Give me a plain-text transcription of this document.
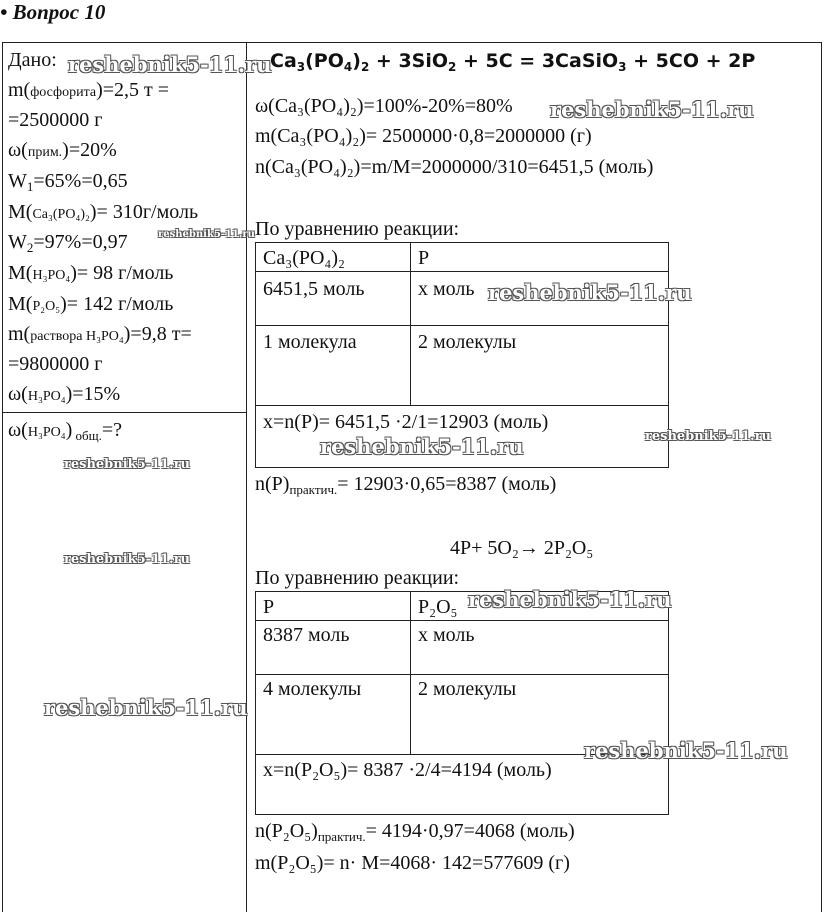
• Вопрос 10
Дано:
m(фосфорита)=2,5 т =
=2500000 г
ω(прим.)=20%
$W_1=65\%=0,65$
M(Ca₃(PO₄)₂)= 310г/моль
$W_2=97\%=0,97$
M(H₃PO₄)= 98 г/моль
M(P₂O₅)= 142 г/моль
m(раствора H₃PO₄)=9,8 т=
=9800000 г
ω(H₃PO₄)=15%
ω(H₃PO₄) $_{общ.}$=?
$Ca_3(PO_4)_2 + 3SiO_2 + 5C$ = 3CaSiO$_3$ + 5CO + 2P
ω(Ca₃(PO₄)₂)=100%-20%=80%
m(Ca₃(PO₄)₂)= 2500000·0,8=2000000 (г)
n(Ca₃(PO₄)₂)=m/M=2000000/310=6451,5 (моль)
По уравнению реакции:
Ca₃(PO₄)₂	P
6451,5 моль	x моль
1 молекула	2 молекулы
x=n(P)= 6451,5 ·2/1=12903 (моль)
$n(P)_{практич.}= 12903\cdot 0,65=8387$ (моль)
4P+ 5O₂→ 2P₂O₅
По уравнению реакции:
P	P₂O₅
8387 моль	x моль
4 молекулы	2 молекулы
x=n(P₂O₅)= 8387 ·2/4=4194 (моль)
$n(P_2O_5)_{практич.}= 4194\cdot 0,97=4068$ (моль)
m(P₂O₅)= n· M=4068· 142=577609 (г)
reshebnik5-11.ru
reshebnik5-11.ru
reshebnik5-11.ru
reshebnik5-11.ru
reshebnik5-11.ru	reshebnik5-11.ru
reshebnik5-11.ru
reshebnik5-11.ru
reshebnik5-11.ru
reshebnik5-11.ru
reshebnik5-11.ru
